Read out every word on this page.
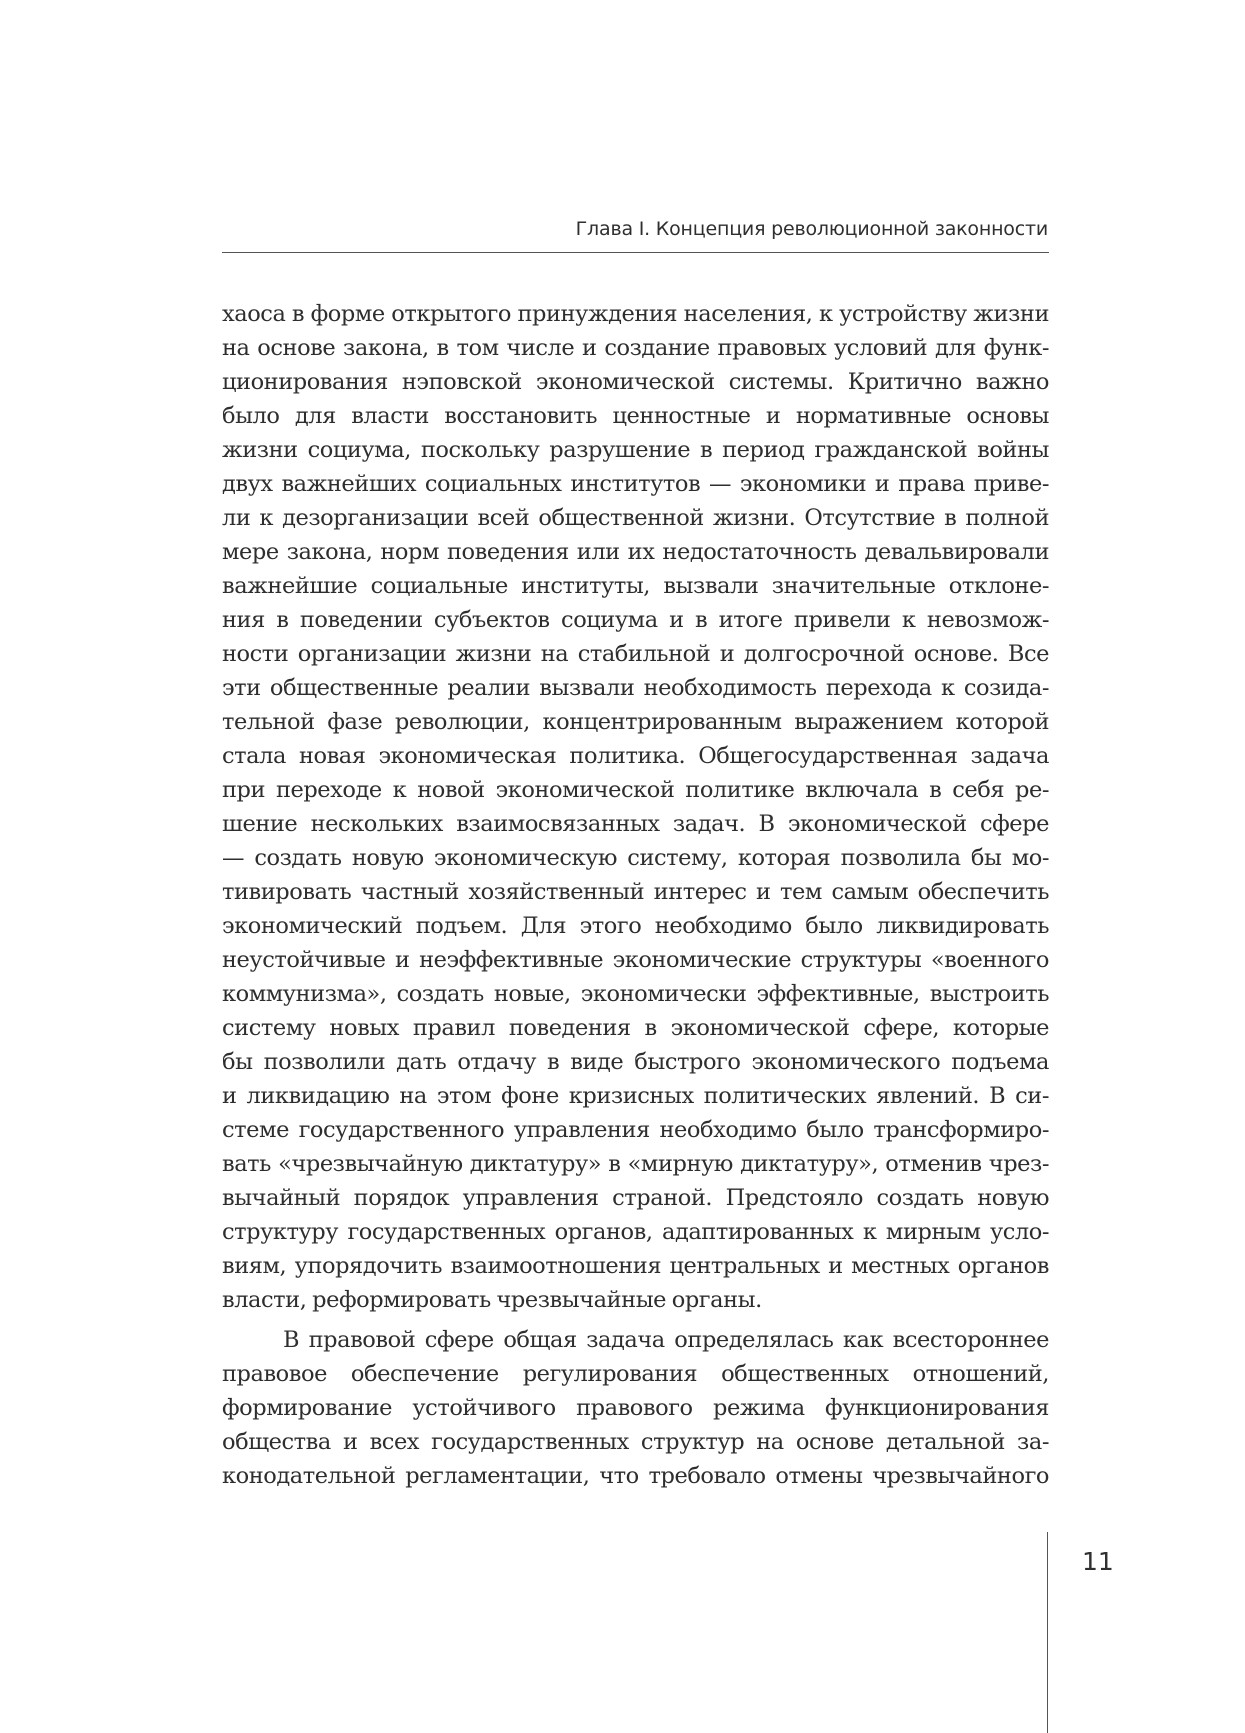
Глава I. Концепция революционной законности
хаоса в форме открытого принуждения населения, к устройству жизни
на основе закона, в том числе и создание правовых условий для функ-
ционирования нэповской экономической системы. Критично важно
было для власти восстановить ценностные и нормативные основы
жизни социума, поскольку разрушение в период гражданской войны
двух важнейших социальных институтов — экономики и права приве-
ли к дезорганизации всей общественной жизни. Отсутствие в полной
мере закона, норм поведения или их недостаточность девальвировали
важнейшие социальные институты, вызвали значительные отклоне-
ния в поведении субъектов социума и в итоге привели к невозмож-
ности организации жизни на стабильной и долгосрочной основе. Все
эти общественные реалии вызвали необходимость перехода к созида-
тельной фазе революции, концентрированным выражением которой
стала новая экономическая политика. Общегосударственная задача
при переходе к новой экономической политике включала в себя ре-
шение нескольких взаимосвязанных задач. В экономической сфере
— создать новую экономическую систему, которая позволила бы мо-
тивировать частный хозяйственный интерес и тем самым обеспечить
экономический подъем. Для этого необходимо было ликвидировать
неустойчивые и неэффективные экономические структуры «военного
коммунизма», создать новые, экономически эффективные, выстроить
систему новых правил поведения в экономической сфере, которые
бы позволили дать отдачу в виде быстрого экономического подъема
и ликвидацию на этом фоне кризисных политических явлений. В си-
стеме государственного управления необходимо было трансформиро-
вать «чрезвычайную диктатуру» в «мирную диктатуру», отменив чрез-
вычайный порядок управления страной. Предстояло создать новую
структуру государственных органов, адаптированных к мирным усло-
виям, упорядочить взаимоотношения центральных и местных органов
власти, реформировать чрезвычайные органы.
В правовой сфере общая задача определялась как всестороннее
правовое обеспечение регулирования общественных отношений,
формирование устойчивого правового режима функционирования
общества и всех государственных структур на основе детальной за-
конодательной регламентации, что требовало отмены чрезвычайного
11
